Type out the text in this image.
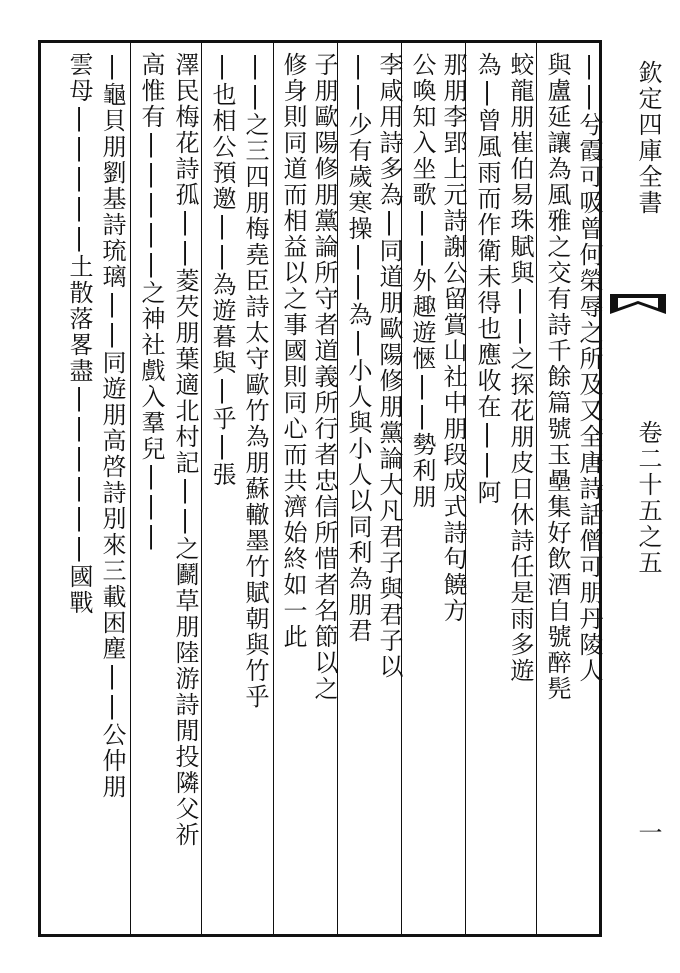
||兮霞可吸曾何榮辱之所及又全唐詩話僧可朋丹陵人
與盧延讓為風雅之交有詩千餘篇號玉壘集好飲酒自號醉髡
蛟龍朋崔伯易珠賦與||之探花朋皮日休詩任是雨多遊
為|曾風雨而作衛未得也應收在||阿
那朋李郢上元詩謝公留賞山社中朋段成式詩句饒方
公喚知入坐歌||外趣遊愜||勢利朋
李咸用詩多為|同道朋歐陽修朋黨論大凡君子與君子以
||少有歲寒操||為|小人與小人以同利為朋君
子朋歐陽修朋黨論所守者道義所行者忠信所惜者名節以之
修身則同道而相益以之事國則同心而共濟始終如一此
||之三四朋梅堯臣詩太守歐竹為朋蘇轍墨竹賦朝與竹乎
|也相公預邀||為遊暮與|乎|張
澤民梅花詩孤||菱芡朋葉適北村記||之鬬草朋陸游詩閒投隣父祈
高惟有|||||之神社戲入羣兒|||
|龜貝朋劉基詩琉璃||同遊朋高啓詩別來三載困塵||公仲朋
雲母|||||土散落畧盡||||||國戰	欽定四庫全書
卷二十五之五
一
